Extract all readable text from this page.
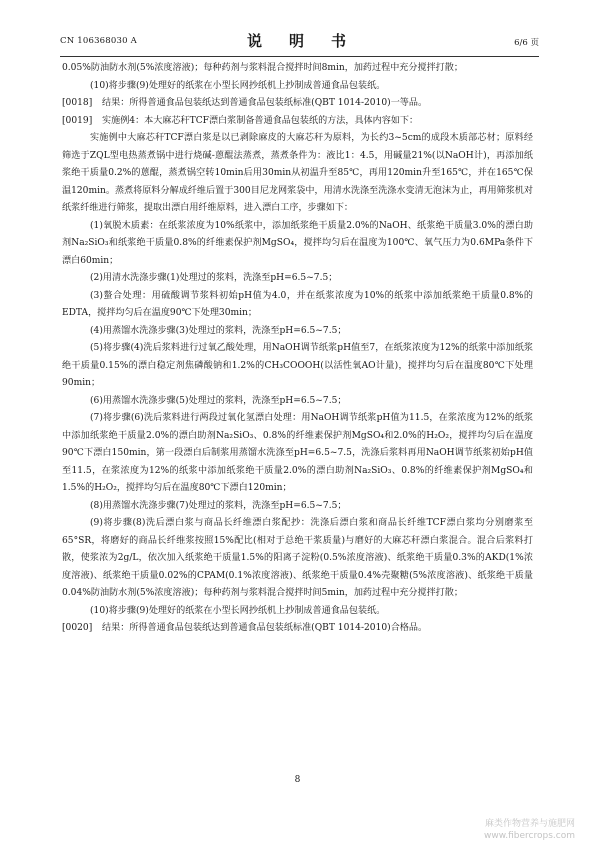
CN 106368030 A	说　明　书	6/6 页

0.05%防油防水剂(5%浓度溶液)；每种药剂与浆料混合搅拌时间8min，加药过程中充分搅拌打散；

(10)将步骤(9)处理好的纸浆在小型长网抄纸机上抄制成普通食品包装纸。

[0018] 结果：所得普通食品包装纸达到普通食品包装纸标准(QBT 1014-2010)一等品。

[0019] 实施例4：本大麻芯秆TCF漂白浆制备普通食品包装纸的方法，具体内容如下：

实施例中大麻芯秆TCF漂白浆是以已剥除麻皮的大麻芯秆为原料，为长约3~5cm的成段木质部芯材；原料经筛选于ZQL型电热蒸煮锅中进行烧碱-蒽醌法蒸煮，蒸煮条件为：液比1：4.5，用碱量21%(以NaOH计)，再添加纸浆绝干质量0.2%的蒽醌，蒸煮锅空转10min后用30min从初温升至85℃，再用120min升至165℃，并在165℃保温120min。蒸煮将原料分解成纤维后置于300目尼龙网浆袋中，用清水洗涤至洗涤水变清无泡沫为止，再用筛浆机对纸浆纤维进行筛浆，提取出漂白用纤维原料，进入漂白工序，步骤如下：

(1)氧脱木质素：在纸浆浓度为10%纸浆中，添加纸浆绝干质量2.0%的NaOH、纸浆绝干质量3.0%的漂白助剂Na₂SiO₃和纸浆绝干质量0.8%的纤维素保护剂MgSO₄，搅拌均匀后在温度为100℃、氧气压力为0.6MPa条件下漂白60min；

(2)用清水洗涤步骤(1)处理过的浆料，洗涤至pH=6.5~7.5；

(3)螯合处理：用硫酸调节浆料初始pH值为4.0，并在纸浆浓度为10%的纸浆中添加纸浆绝干质量0.8%的EDTA，搅拌均匀后在温度90℃下处理30min；

(4)用蒸馏水洗涤步骤(3)处理过的浆料，洗涤至pH=6.5~7.5；

(5)将步骤(4)洗后浆料进行过氧乙酸处理，用NaOH调节纸浆pH值至7，在纸浆浓度为12%的纸浆中添加纸浆绝干质量0.15%的漂白稳定剂焦磷酸钠和1.2%的CH₃COOOH(以活性氧AO计量)，搅拌均匀后在温度80℃下处理90min；

(6)用蒸馏水洗涤步骤(5)处理过的浆料，洗涤至pH=6.5~7.5；

(7)将步骤(6)洗后浆料进行两段过氧化氢漂白处理：用NaOH调节纸浆pH值为11.5，在浆浓度为12%的纸浆中添加纸浆绝干质量2.0%的漂白助剂Na₂SiO₃、0.8%的纤维素保护剂MgSO₄和2.0%的H₂O₂，搅拌均匀后在温度90℃下漂白150min，第一段漂白后制浆用蒸馏水洗涤至pH=6.5~7.5，洗涤后浆料再用NaOH调节纸浆初始pH值至11.5，在浆浓度为12%的纸浆中添加纸浆绝干质量2.0%的漂白助剂Na₂SiO₃、0.8%的纤维素保护剂MgSO₄和1.5%的H₂O₂，搅拌均匀后在温度80℃下漂白120min；

(8)用蒸馏水洗涤步骤(7)处理过的浆料，洗涤至pH=6.5~7.5；

(9)将步骤(8)洗后漂白浆与商品长纤维漂白浆配抄：洗涤后漂白浆和商品长纤维TCF漂白浆均分别磨浆至65°SR，将磨好的商品长纤维浆按照15%配比(相对于总绝干浆质量)与磨好的大麻芯秆漂白浆混合。混合后浆料打散，使浆浓为2g/L，依次加入纸浆绝干质量1.5%的阳离子淀粉(0.5%浓度溶液)、纸浆绝干质量0.3%的AKD(1%浓度溶液)、纸浆绝干质量0.02%的CPAM(0.1%浓度溶液)、纸浆绝干质量0.4%壳聚糖(5%浓度溶液)、纸浆绝干质量0.04%防油防水剂(5%浓度溶液)；每种药剂与浆料混合搅拌时间5min，加药过程中充分搅拌打散；

(10)将步骤(9)处理好的纸浆在小型长网抄纸机上抄制成普通食品包装纸。

[0020] 结果：所得普通食品包装纸达到普通食品包装纸标准(QBT 1014-2010)合格品。

8
麻类作物营养与施肥网
www.fibercrops.com
